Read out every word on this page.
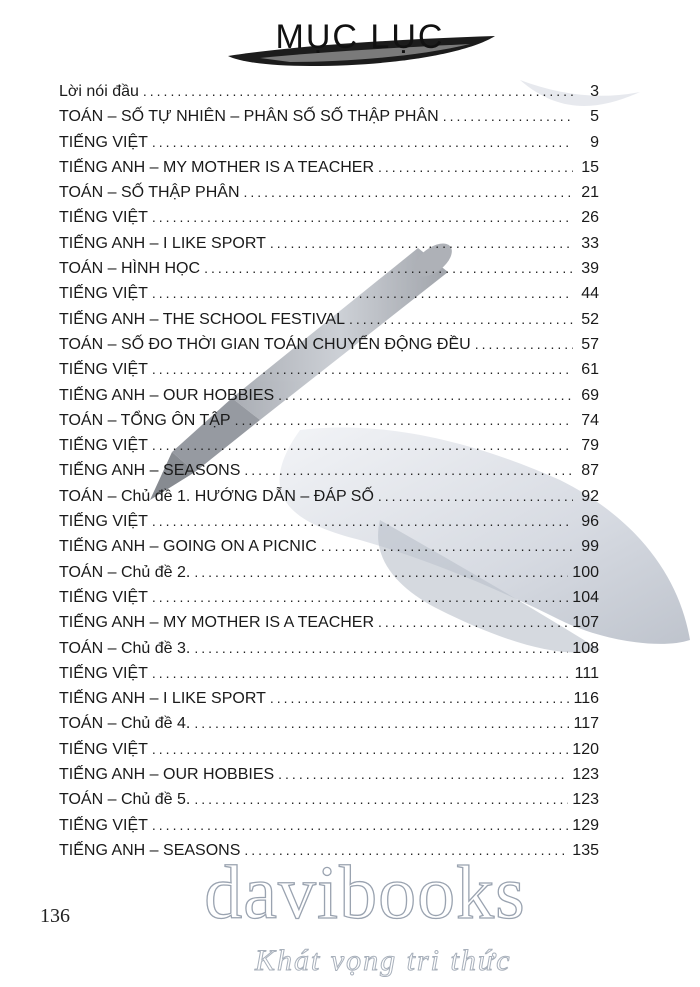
MỤC LỤC
Lời nói đầu .....	3
TOÁN – SỐ TỰ NHIÊN – PHÂN SỐ SỐ THẬP PHÂN .....	5
TIẾNG VIỆT .....	9
TIẾNG ANH – MY MOTHER IS A TEACHER .....	15
TOÁN – SỐ THẬP PHÂN .....	21
TIẾNG VIỆT .....	26
TIẾNG ANH – I LIKE SPORT .....	33
TOÁN – HÌNH HỌC .....	39
TIẾNG VIỆT .....	44
TIẾNG ANH – THE SCHOOL FESTIVAL .....	52
TOÁN – SỐ ĐO THỜI GIAN TOÁN CHUYỂN ĐỘNG ĐỀU .....	57
TIẾNG VIỆT .....	61
TIẾNG ANH – OUR HOBBIES .....	69
TOÁN – TỔNG ÔN TẬP .....	74
TIẾNG VIỆT .....	79
TIẾNG ANH – SEASONS .....	87
TOÁN – Chủ đề 1. HƯỚNG DẪN – ĐÁP SỐ .....	92
TIẾNG VIỆT .....	96
TIẾNG ANH – GOING ON A PICNIC .....	99
TOÁN – Chủ đề 2. .....	100
TIẾNG VIỆT .....	104
TIẾNG ANH – MY MOTHER IS A TEACHER .....	107
TOÁN – Chủ đề 3. .....	108
TIẾNG VIỆT .....	111
TIẾNG ANH – I LIKE SPORT .....	116
TOÁN – Chủ đề 4. .....	117
TIẾNG VIỆT .....	120
TIẾNG ANH – OUR HOBBIES .....	123
TOÁN – Chủ đề 5. .....	123
TIẾNG VIỆT .....	129
TIẾNG ANH – SEASONS .....	135
136	davibooks
Khát vọng tri thức
